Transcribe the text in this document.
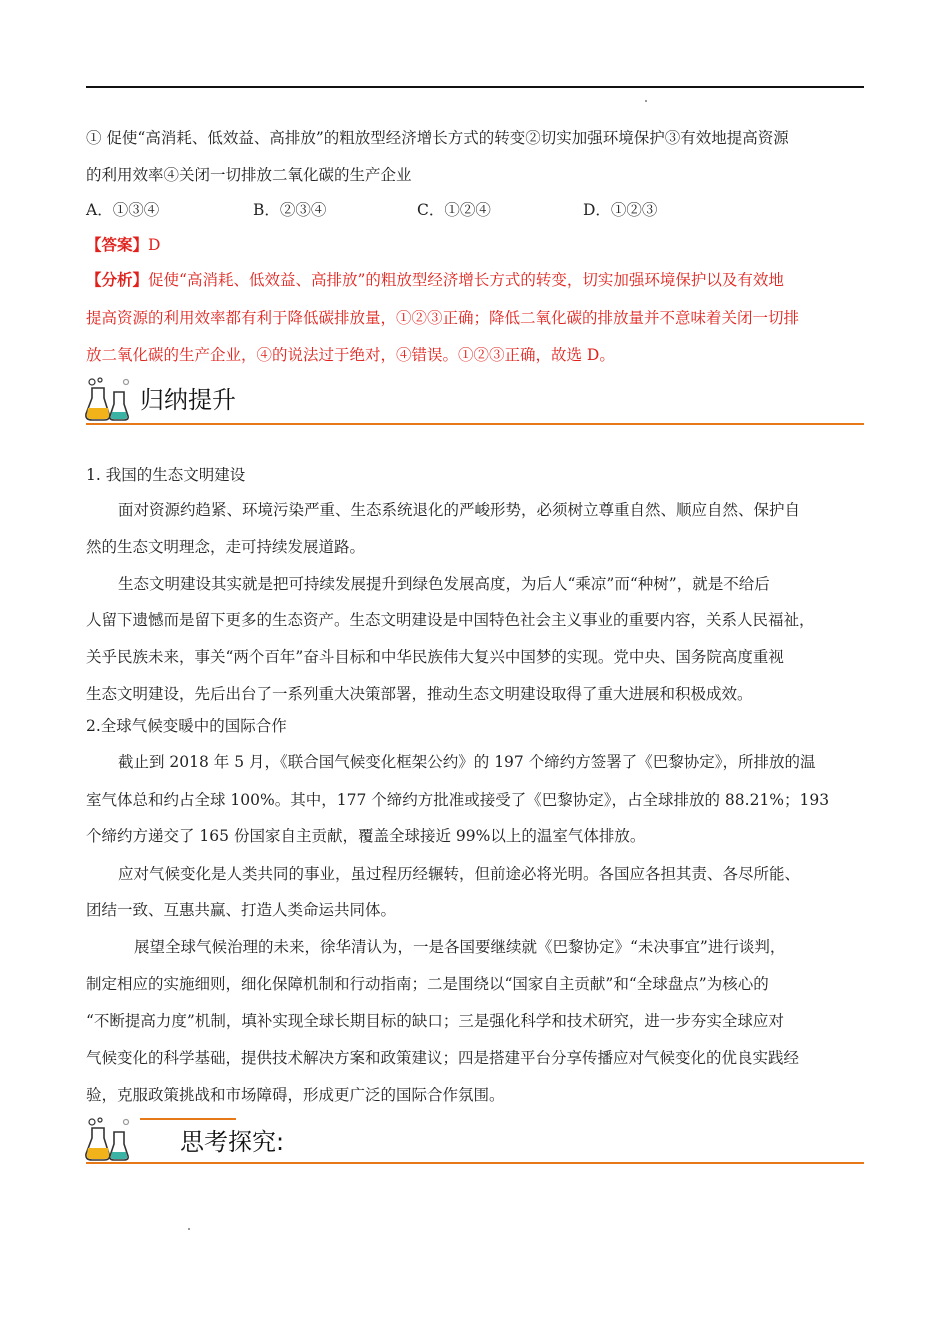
① 促使“高消耗、低效益、高排放”的粗放型经济增长方式的转变②切实加强环境保护③有效地提高资源
的利用效率④关闭一切排放二氧化碳的生产企业
A．①③④	B．②③④	C．①②④	D．①②③
【答案】D
【分析】促使“高消耗、低效益、高排放”的粗放型经济增长方式的转变，切实加强环境保护以及有效地
提高资源的利用效率都有利于降低碳排放量，①②③正确；降低二氧化碳的排放量并不意味着关闭一切排
放二氧化碳的生产企业，④的说法过于绝对，④错误。①②③正确，故选 D。
归纳提升
1. 我国的生态文明建设
面对资源约趋紧、环境污染严重、生态系统退化的严峻形势，必须树立尊重自然、顺应自然、保护自
然的生态文明理念，走可持续发展道路。
生态文明建设其实就是把可持续发展提升到绿色发展高度，为后人“乘凉”而“种树”，就是不给后
人留下遗憾而是留下更多的生态资产。生态文明建设是中国特色社会主义事业的重要内容，关系人民福祉，
关乎民族未来，事关“两个百年”奋斗目标和中华民族伟大复兴中国梦的实现。党中央、国务院高度重视
生态文明建设，先后出台了一系列重大决策部署，推动生态文明建设取得了重大进展和积极成效。
2.全球气候变暖中的国际合作
截止到 2018 年 5 月，《联合国气候变化框架公约》的 197 个缔约方签署了《巴黎协定》，所排放的温
室气体总和约占全球 100%。其中，177 个缔约方批准或接受了《巴黎协定》，占全球排放的 88.21%；193
个缔约方递交了 165 份国家自主贡献，覆盖全球接近 99%以上的温室气体排放。
应对气候变化是人类共同的事业，虽过程历经辗转，但前途必将光明。各国应各担其责、各尽所能、
团结一致、互惠共赢、打造人类命运共同体。
展望全球气候治理的未来，徐华清认为，一是各国要继续就《巴黎协定》“未决事宜”进行谈判，
制定相应的实施细则，细化保障机制和行动指南；二是围绕以“国家自主贡献”和“全球盘点”为核心的
“不断提高力度”机制，填补实现全球长期目标的缺口；三是强化科学和技术研究，进一步夯实全球应对
气候变化的科学基础，提供技术解决方案和政策建议；四是搭建平台分享传播应对气候变化的优良实践经
验，克服政策挑战和市场障碍，形成更广泛的国际合作氛围。
思考探究:
